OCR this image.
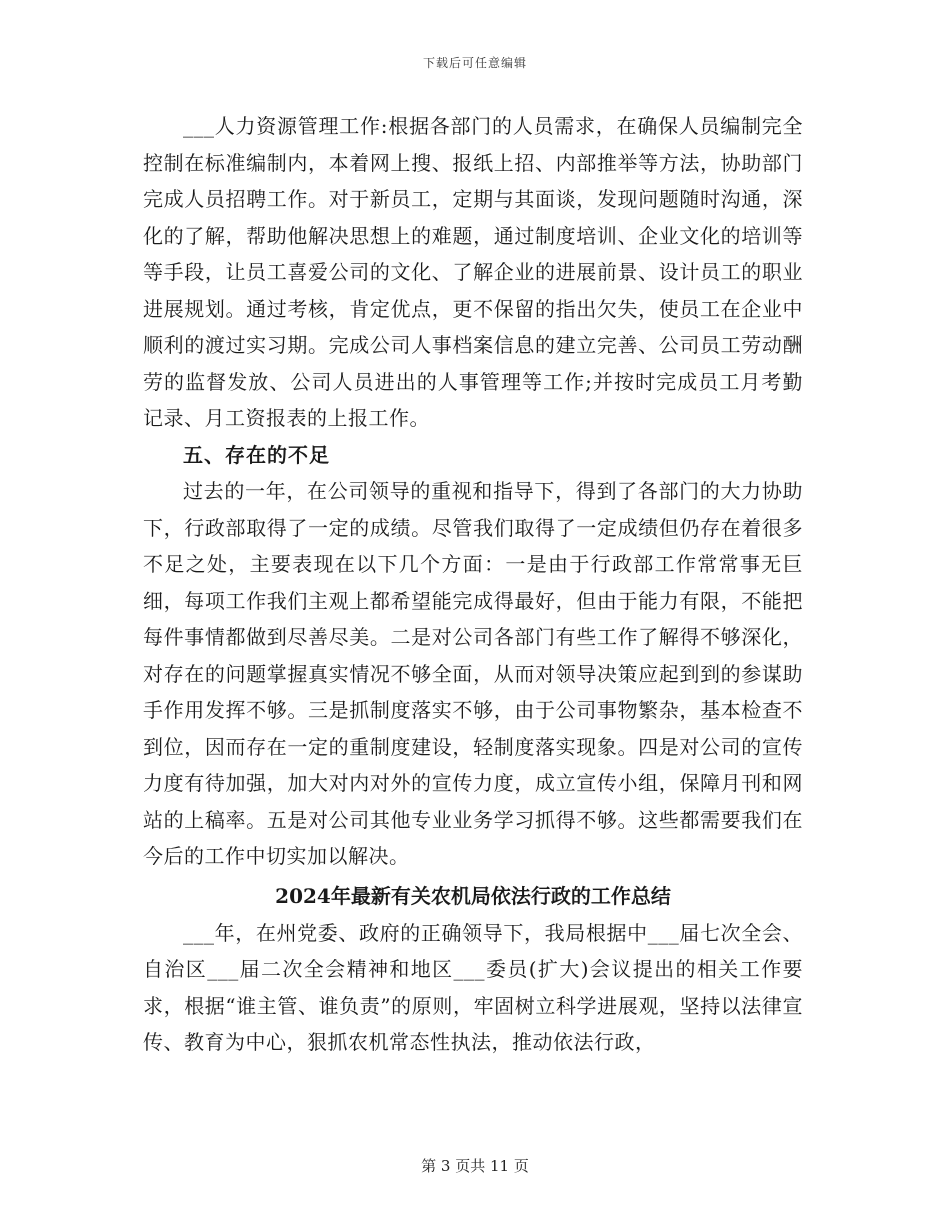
下载后可任意编辑

___人力资源管理工作:根据各部门的人员需求，在确保人员编制完全控制在标准编制内，本着网上搜、报纸上招、内部推举等方法，协助部门完成人员招聘工作。对于新员工，定期与其面谈，发现问题随时沟通，深化的了解，帮助他解决思想上的难题，通过制度培训、企业文化的培训等等手段，让员工喜爱公司的文化、了解企业的进展前景、设计员工的职业进展规划。通过考核，肯定优点，更不保留的指出欠失，使员工在企业中顺利的渡过实习期。完成公司人事档案信息的建立完善、公司员工劳动酬劳的监督发放、公司人员进出的人事管理等工作;并按时完成员工月考勤记录、月工资报表的上报工作。

五、存在的不足

过去的一年，在公司领导的重视和指导下，得到了各部门的大力协助下，行政部取得了一定的成绩。尽管我们取得了一定成绩但仍存在着很多不足之处，主要表现在以下几个方面：一是由于行政部工作常常事无巨细，每项工作我们主观上都希望能完成得最好，但由于能力有限，不能把每件事情都做到尽善尽美。二是对公司各部门有些工作了解得不够深化，对存在的问题掌握真实情况不够全面，从而对领导决策应起到到的参谋助手作用发挥不够。三是抓制度落实不够，由于公司事物繁杂，基本检查不到位，因而存在一定的重制度建设，轻制度落实现象。四是对公司的宣传力度有待加强，加大对内对外的宣传力度，成立宣传小组，保障月刊和网站的上稿率。五是对公司其他专业业务学习抓得不够。这些都需要我们在今后的工作中切实加以解决。

2024年最新有关农机局依法行政的工作总结

___年，在州党委、政府的正确领导下，我局根据中___届七次全会、自治区___届二次全会精神和地区___委员(扩大)会议提出的相关工作要求，根据“谁主管、谁负责”的原则，牢固树立科学进展观，坚持以法律宣传、教育为中心，狠抓农机常态性执法，推动依法行政，

第 3 页共 11 页
